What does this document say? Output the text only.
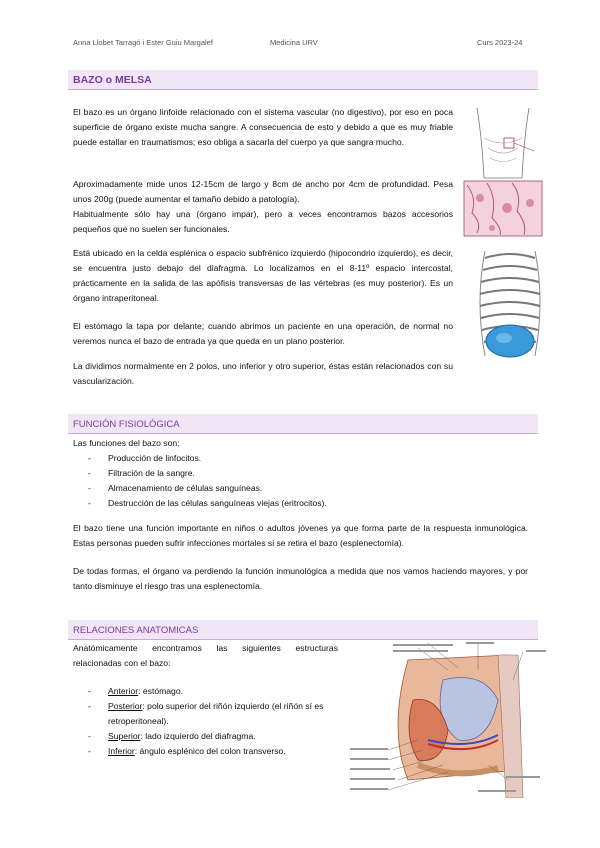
Anna Llobet Tarragó i Ester Guiu Margalef	Medicina URV	Curs 2023-24
BAZO o MELSA
El bazo es un órgano linfoide relacionado con el sistema vascular (no digestivo), por eso en poca superficie de órgano existe mucha sangre. A consecuencia de esto y debido a que es muy friable puede estallar en traumatismos; eso obliga a sacarla del cuerpo ya que sangra mucho.
Aproximadamente mide unos 12-15cm de largo y 8cm de ancho por 4cm de profundidad. Pesa unos 200g (puede aumentar el tamaño debido a patología).
Habitualmente sólo hay una (órgano impar), pero a veces encontramos bazos accesorios pequeños que no suelen ser funcionales.
Está ubicado en la celda esplénica o espacio subfrénico izquierdo (hipocondrio izquierdo), es decir, se encuentra justo debajo del diafragma. Lo localizamos en el 8-11º espacio intercostal, prácticamente en la salida de las apófisis transversas de las vértebras (es muy posterior). Es un órgano intraperitoneal.
El estómago la tapa por delante; cuando abrimos un paciente en una operación, de normal no veremos nunca el bazo de entrada ya que queda en un plano posterior.
La dividimos normalmente en 2 polos, uno inferior y otro superior, éstas están relacionados con su vascularización.
FUNCIÓN FISIOLÓGICA
Las funciones del bazo son:
- Producción de linfocitos.
- Filtración de la sangre.
- Almacenamiento de células sanguíneas.
- Destrucción de las células sanguíneas viejas (eritrocitos).
El bazo tiene una función importante en niños o adultos jóvenes ya que forma parte de la respuesta inmunológica. Estas personas pueden sufrir infecciones mortales si se retira el bazo (esplenectomía).
De todas formas, el órgano va perdiendo la función inmunológica a medida que nos vamos haciendo mayores, y por tanto disminuye el riesgo tras una esplenectomía.
RELACIONES ANATOMICAS
Anatómicamente encontramos las siguientes estructuras relacionadas con el bazo:
- Anterior: estómago.
- Posterior: polo superior del riñón izquierdo (el riñón sí es retroperitoneal).
- Superior: lado izquierdo del diafragma.
- Inferior: ángulo esplénico del colon transverso.
